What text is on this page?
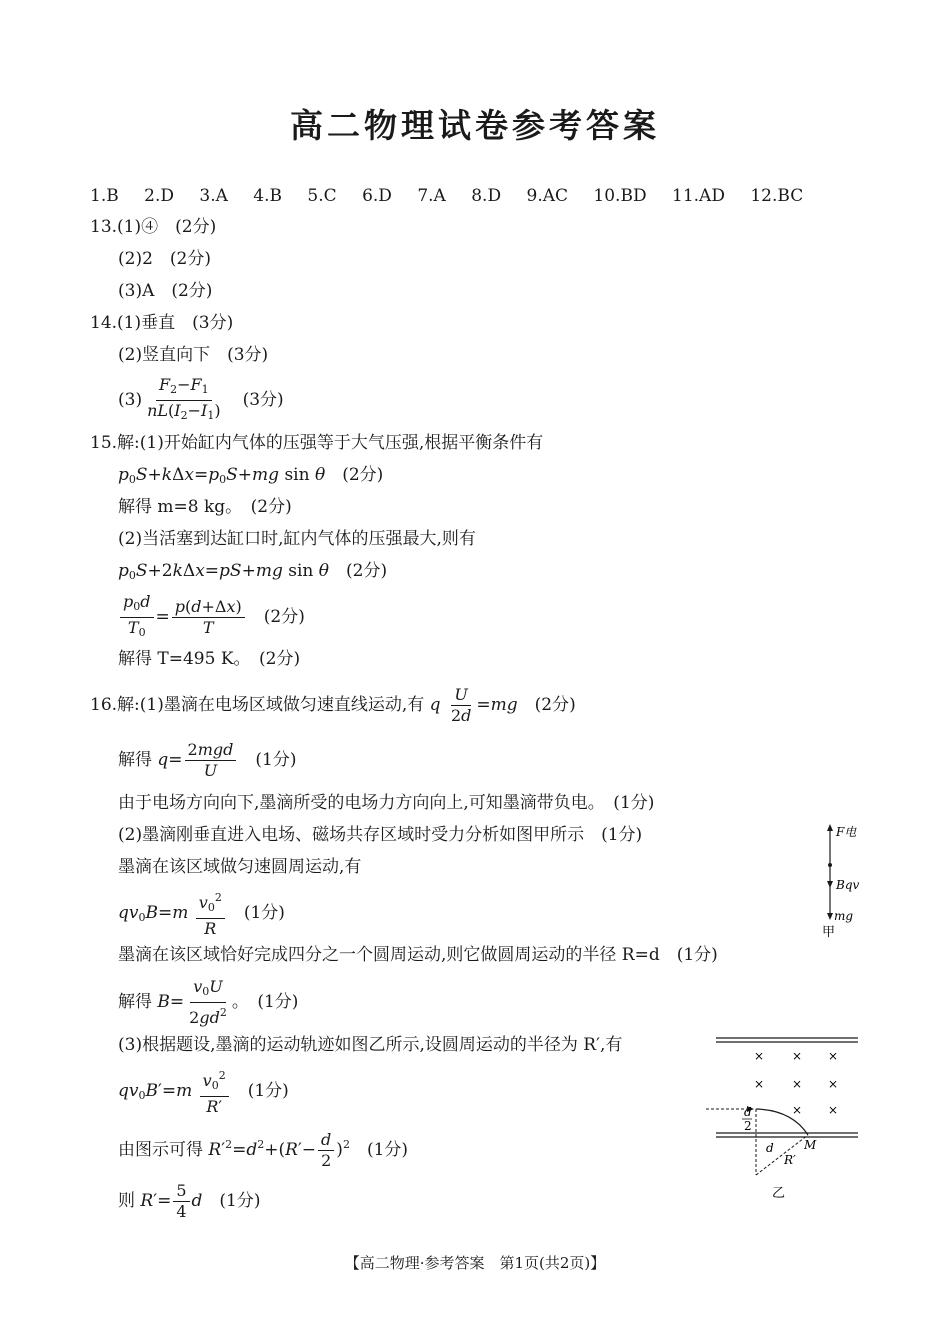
高二物理试卷参考答案
1.B 2.D 3.A 4.B 5.C 6.D 7.A 8.D 9.AC 10.BD 11.AD 12.BC
13.(1)④　(2分)
(2)2　(2分)
(3)A　(2分)
14.(1)垂直　(3分)
(2)竖直向下　(3分)
$(3) \frac{F_2-F_1}{nL(I_2-I_1)}$
　 (3分)
15.解:(1)开始缸内气体的压强等于大气压强,根据平衡条件有
$p_0S+k\Delta x=p_0S+mg$ sin θ　 (2分)
解得 m=8 kg。　(2分)
(2)当活塞到达缸口时,缸内气体的压强最大,则有
$p_0S+2k\Delta x=pS+mg$ sin θ　 (2分)
$\frac{p_0d}{T_0} = \frac{p(d+\Delta x)}{T}$
　 (2分)
解得 T=495 K。　(2分)
16.解:(1)墨滴在电场区域做匀速直线运动,有 q $\frac{U}{2d} =mg$　 (2分)
解得 $q= \frac{\text{2mgd}}{U}$
　 (1分)
由于电场方向向下,墨滴所受的电场力方向向上,可知墨滴带负电。　(1分)
(2)墨滴刚垂直进入电场、磁场共存区域时受力分析如图甲所示　(1分)
墨滴在该区域做匀速圆周运动,有
$qv_0B=m \frac{v_0^2}{R}$
　 (1分)
墨滴在该区域恰好完成四分之一个圆周运动,则它做圆周运动的半径 R=d　(1分)
解得 $B= \frac{v_0U}{2gd^2}$ 。　(1分)
(3)根据题设,墨滴的运动轨迹如图乙所示,设圆周运动的半径为 R′,有
$qv_0B'=m \frac{v_0^2}{R'}$
　 (1分)
由图示可得 $R'^2=d^2+(R'- \frac{d}{2} )^2$　 (1分)
则 $R'= \frac{5}{4}$ d　 (1分)
F电
Bqv
mg
甲
× × ×
× × ×
× ×
d
2
d	M
R′
乙
【高二物理·参考答案　第1页(共2页)】
